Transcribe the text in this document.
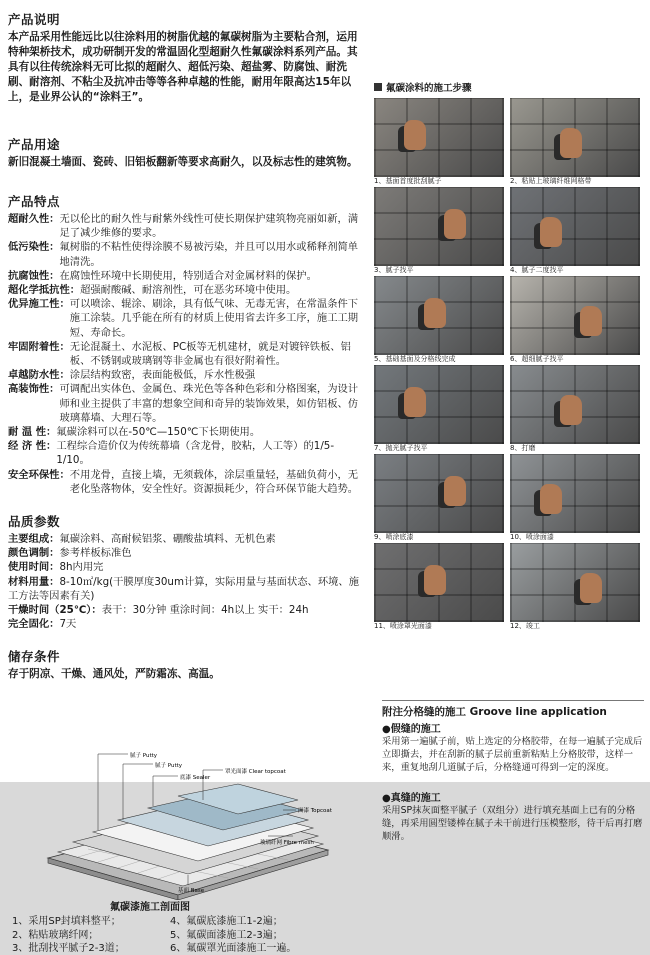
产品说明
本产品采用性能远比以往涂料用的树脂优越的氟碳树脂为主要粘合剂，运用特种架桥技术，成功研制开发的常温固化型超耐久性氟碳涂料系列产品。其具有以往传统涂料无可比拟的超耐久、超低污染、超盐雾、防腐蚀、耐洗刷、耐溶剂、不粘尘及抗冲击等等各种卓越的性能，耐用年限高达15年以上，是业界公认的“涂料王”。
产品用途
新旧混凝土墙面、瓷砖、旧铝板翻新等要求高耐久，以及标志性的建筑物。
产品特点
超耐久性： 无以伦比的耐久性与耐紫外线性可使长期保护建筑物亮丽如新，满足了减少维修的要求。
低污染性： 氟树脂的不粘性使得涂膜不易被污染，并且可以用水或稀释剂简单地清洗。
抗腐蚀性： 在腐蚀性环境中长期使用，特别适合对金属材料的保护。
超化学抵抗性： 超强耐酸碱、耐溶剂性，可在恶劣环境中使用。
优异施工性： 可以喷涂、辊涂、刷涂，具有低气味、无毒无害，在常温条件下施工涂装。几乎能在所有的材质上使用省去许多工序，施工工期短、寿命长。
牢固附着性： 无论混凝土、水泥板、PC板等无机建材，就是对镀锌铁板、铝板、不锈钢或玻璃钢等非金属也有很好附着性。
卓越防水性： 涂层结构致密，表面能极低，斥水性极强
高装饰性： 可调配出实体色、金属色、珠光色等各种色彩和分格图案，为设计师和业主提供了丰富的想象空间和奇异的装饰效果，如仿铝板、仿玻璃幕墙、大理石等。
耐 温 性： 氟碳涂料可以在-50℃—150℃下长期使用。
经 济 性： 工程综合造价仅为传统幕墙（含龙骨，胶粘，人工等）的1/5-1/10。
安全环保性： 不用龙骨，直接上墙，无须载体，涂层重量轻，基础负荷小，无老化坠落物体，安全性好。资源损耗少，符合环保节能大趋势。
品质参数
主要组成：氟碳涂料、高耐候铝浆、硼酸盐填料、无机色素
颜色调制：参考样板标准色
使用时间：8h内用完
材料用量：8-10㎡/kg(干膜厚度30um计算，实际用量与基面状态、环境、施工方法等因素有关)
干燥时间（25℃）：表干：30分钟 重涂时间：4h以上 实干：24h
完全固化：7天
储存条件
存于阴凉、干燥、通风处，严防霜冻、高温。
腻子 Putty
腻子 Putty
底漆 Sealer
罩光面漆 Clear topcoat
面漆 Topcoat
玻璃纤网 Fibre mesh
基面 Base
氟碳漆施工剖面图
1、采用SP封填料整平；	4、氟碳底漆施工1-2遍；
2、粘贴玻璃纤网；	5、氟碳面漆施工2-3遍；
3、批刮找平腻子2-3道；	6、氟碳罩光面漆施工一遍。
氟碳涂料的施工步骤
1、基面首度批刮腻子	2、粘贴上玻璃纤维网格带
3、腻子找平	4、腻子二度找平
5、基础基面及分格线完成	6、超细腻子找平
7、抛光腻子找平	8、打磨
9、喷涂底漆	10、喷涂面漆
11、喷涂罩光面漆	12、竣工
附注分格缝的施工 Groove line application
●假缝的施工
采用第一遍腻子前，贴上选定的分格胶带，在每一遍腻子完成后立即撕去，并在刮新的腻子层前重新粘贴上分格胶带，这样一来，重复地刮几道腻子后，分格缝通可得到一定的深度。
●真缝的施工
采用SP抹灰面整平腻子（双组分）进行填充基面上已有的分格缝，再采用圆型镂棒在腻子未干前进行压模整形，待干后再打磨顺滑。
